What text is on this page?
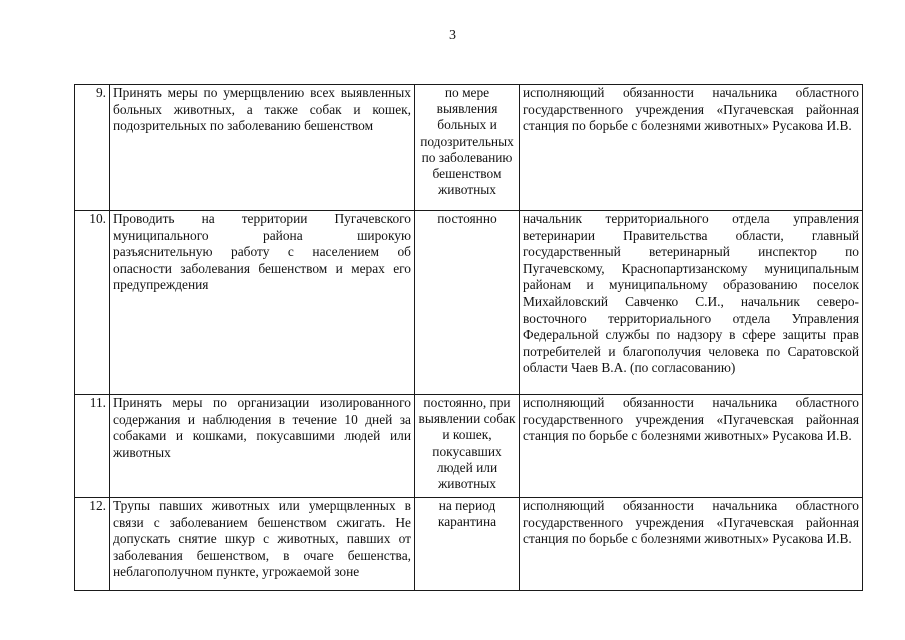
3
9.	Принять меры по умерщвлению всех выявленных больных животных, а также собак и кошек, подозрительных по заболеванию бешенством	по мере выявления больных и подозрительных по заболеванию бешенством животных	исполняющий обязанности начальника областного государственного учреждения «Пугачевская районная станция по борьбе с болезнями животных» Русакова И.В.
10.	Проводить на территории Пугачевского муниципального района широкую разъяснительную работу с населением об опасности заболевания бешенством и мерах его предупреждения	постоянно	начальник территориального отдела управления ветеринарии Правительства области, главный государственный ветеринарный инспектор по Пугачевскому, Краснопартизанскому муниципальным районам и муниципальному образованию поселок Михайловский Савченко С.И., начальник северо-восточного территориального отдела Управления Федеральной службы по надзору в сфере защиты прав потребителей и благополучия человека по Саратовской области Чаев В.А. (по согласованию)
11.	Принять меры по организации изолированного содержания и наблюдения в течение 10 дней за собаками и кошками, покусавшими людей или животных	постоянно, при выявлении собак и кошек, покусавших людей или животных	исполняющий обязанности начальника областного государственного учреждения «Пугачевская районная станция по борьбе с болезнями животных» Русакова И.В.
12.	Трупы павших животных или умерщвленных в связи с заболеванием бешенством сжигать. Не допускать снятие шкур с животных, павших от заболевания бешенством, в очаге бешенства, неблагополучном пункте, угрожаемой зоне	на период карантина	исполняющий обязанности начальника областного государственного учреждения «Пугачевская районная станция по борьбе с болезнями животных» Русакова И.В.
